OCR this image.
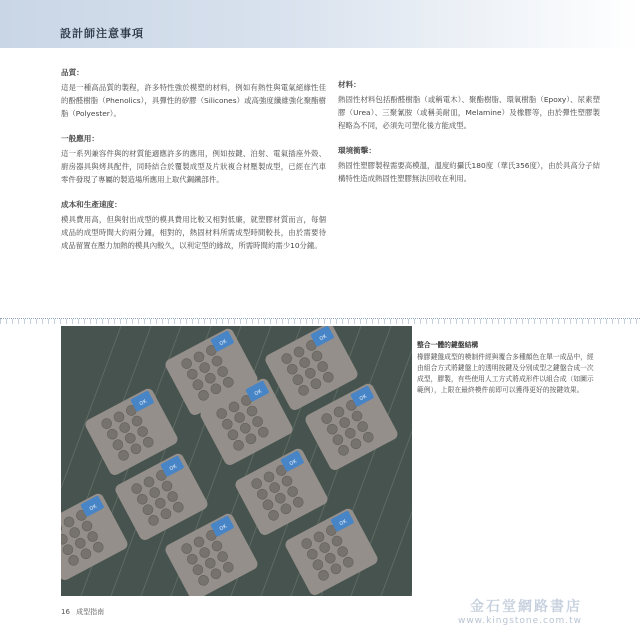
設計師注意事項
品質：
這是一種高品質的製程，許多特性強於模塑的材料，例如有熱性與電氣絕緣性佳的酚醛樹脂（Phenolics），具彈性的矽膠（Silicones）或高強度纖維強化聚酯樹脂（Polyester）。
一般應用：
這一系列兼容件與的材質能適應許多的應用，例如按鍵、泊射、電氣插座外殼、廚房器具與烤具配件，同時結合於覆製成型及片狀複合材壓製成型，已經在汽車零件發現了專屬的製造場所應用上取代鋼鐵部件。
成本和生產速度：
模具費用高，但與射出成型的模具費用比較又相對低廉，就塑膠材質而言，每個成品的成型時間大約兩分鐘，相對的，熱固材料所需成型時間較長，由於需要待成品留置在壓力加熱的模具內較久，以利定型的緣故，所需時間約需少10分鐘。
材料：
熱固性材料包括酚醛樹脂（或稱電木）、聚酯樹脂、環氧樹脂（Epoxy）、尿素塑膠（Urea）、三聚氰胺（或稱美耐皿，Melamine）及橡膠等，由於彈性塑膠製程略為不同，必須先可塑化後方能成型。
環境衝擊：
熱固性塑膠製程需要高模溫，溫度約攝氏180度（華氏356度），由於具高分子結構特性造成熱固性塑膠無法回收在利用。
整合一體的鍵盤結構
橡膠鍵盤成型的模制件經與覆合多種顏色在單一成品中，經由組合方式將鍵盤上的透明按鍵及分別成型之鍵盤合成一次成型，膠製，有些使用人工方式將成形件以組合成（如圖示範例），上限在最終模件前即可以獲得更好的按鍵效果。
16 成型指南	金石堂網路書店
www.kingstone.com.tw
